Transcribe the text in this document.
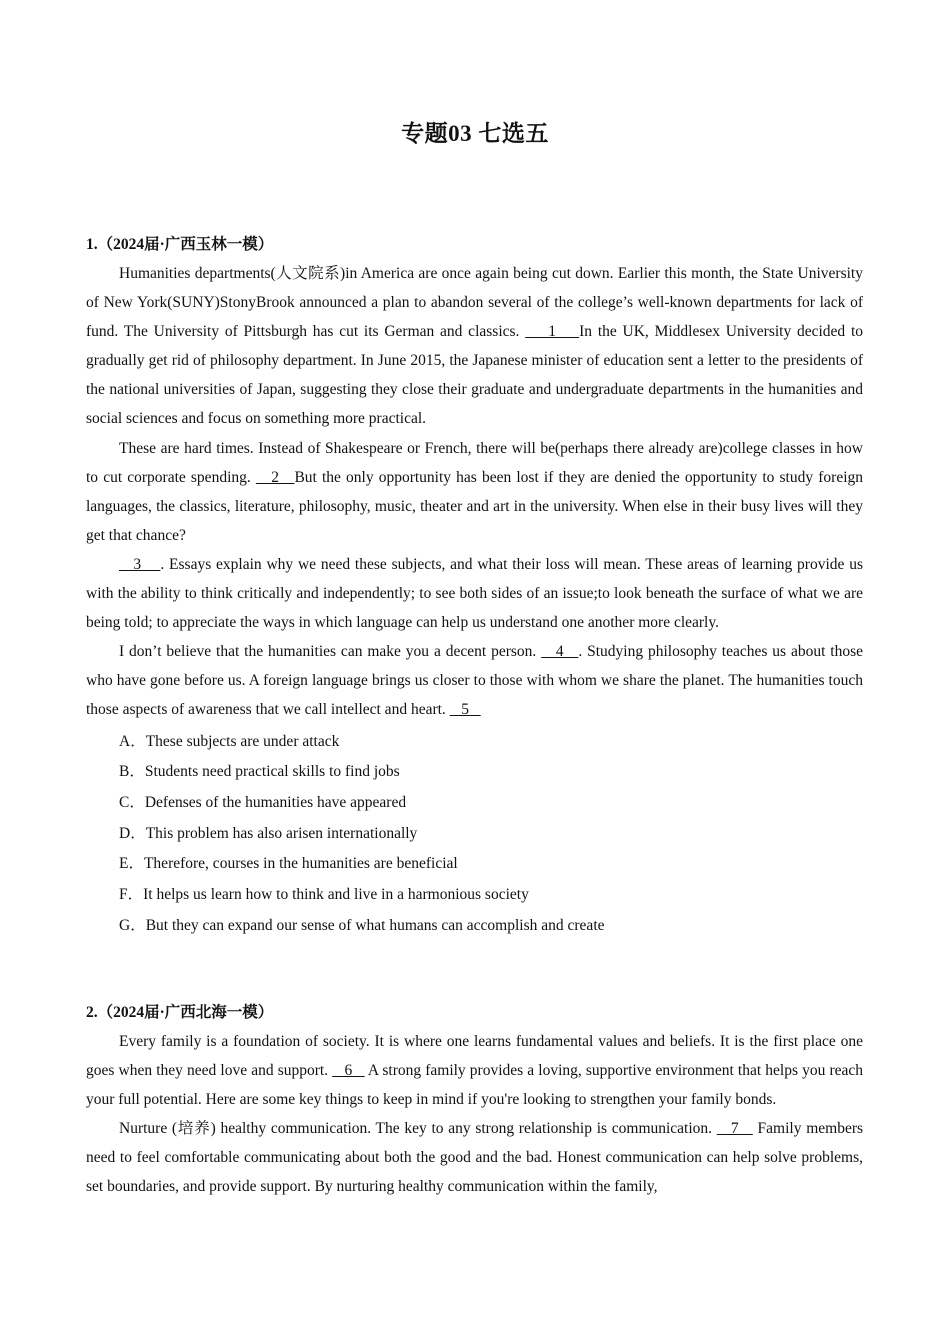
专题03 七选五
1.（2024届·广西玉林一模）

Humanities departments(人文院系)in America are once again being cut down. Earlier this month, the State University of New York(SUNY)StonyBrook announced a plan to abandon several of the college’s well-known departments for lack of fund. The University of Pittsburgh has cut its German and classics.     1    In the UK, Middlesex University decided to gradually get rid of philosophy department. In June 2015, the Japanese minister of education sent a letter to the presidents of the national universities of Japan, suggesting they close their graduate and undergraduate departments in the humanities and social sciences and focus on something more practical.

These are hard times. Instead of Shakespeare or French, there will be(perhaps there already are)college classes in how to cut corporate spending.    2   But the only opportunity has been lost if they are denied the opportunity to study foreign languages, the classics, literature, philosophy, music, theater and art in the university. When else in their busy lives will they get that chance?

3    . Essays explain why we need these subjects, and what their loss will mean. These areas of learning provide us with the ability to think critically and independently; to see both sides of an issue;to look beneath the surface of what we are being told; to appreciate the ways in which language can help us understand one another more clearly.

I don’t believe that the humanities can make you a decent person.    4   . Studying philosophy teaches us about those who have gone before us. A foreign language brings us closer to those with whom we share the planet. The humanities touch those aspects of awareness that we call intellect and heart.    5

A．These subjects are under attack
B．Students need practical skills to find jobs
C．Defenses of the humanities have appeared
D．This problem has also arisen internationally
E．Therefore, courses in the humanities are beneficial
F．It helps us learn how to think and live in a harmonious society
G．But they can expand our sense of what humans can accomplish and create
2.（2024届·广西北海一模）

Every family is a foundation of society. It is where one learns fundamental values and beliefs. It is the first place one goes when they need love and support.    6    A strong family provides a loving, supportive environment that helps you reach your full potential. Here are some key things to keep in mind if you're looking to strengthen your family bonds.

Nurture (培养) healthy communication. The key to any strong relationship is communication.    7    Family members need to feel comfortable communicating about both the good and the bad. Honest communication can help solve problems, set boundaries, and provide support. By nurturing healthy communication within the family,
